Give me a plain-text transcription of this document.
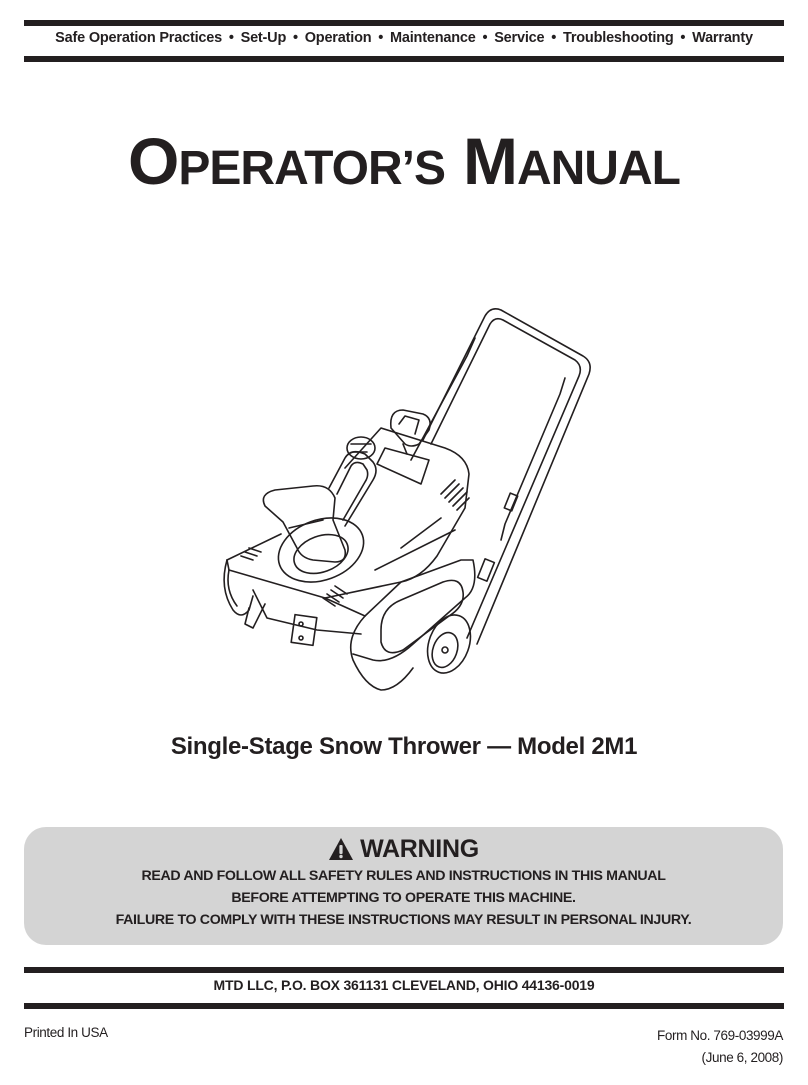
Safe Operation Practices • Set-Up • Operation • Maintenance • Service • Troubleshooting • Warranty
OPERATOR’S MANUAL
Single-Stage Snow Thrower — Model 2M1
WARNING
READ AND FOLLOW ALL SAFETY RULES AND INSTRUCTIONS IN THIS MANUAL
BEFORE ATTEMPTING TO OPERATE THIS MACHINE.
FAILURE TO COMPLY WITH THESE INSTRUCTIONS MAY RESULT IN PERSONAL INJURY.
MTD LLC, P.O. BOX 361131 CLEVELAND, OHIO 44136-0019
Printed In USA	Form No. 769-03999A
(June 6, 2008)
